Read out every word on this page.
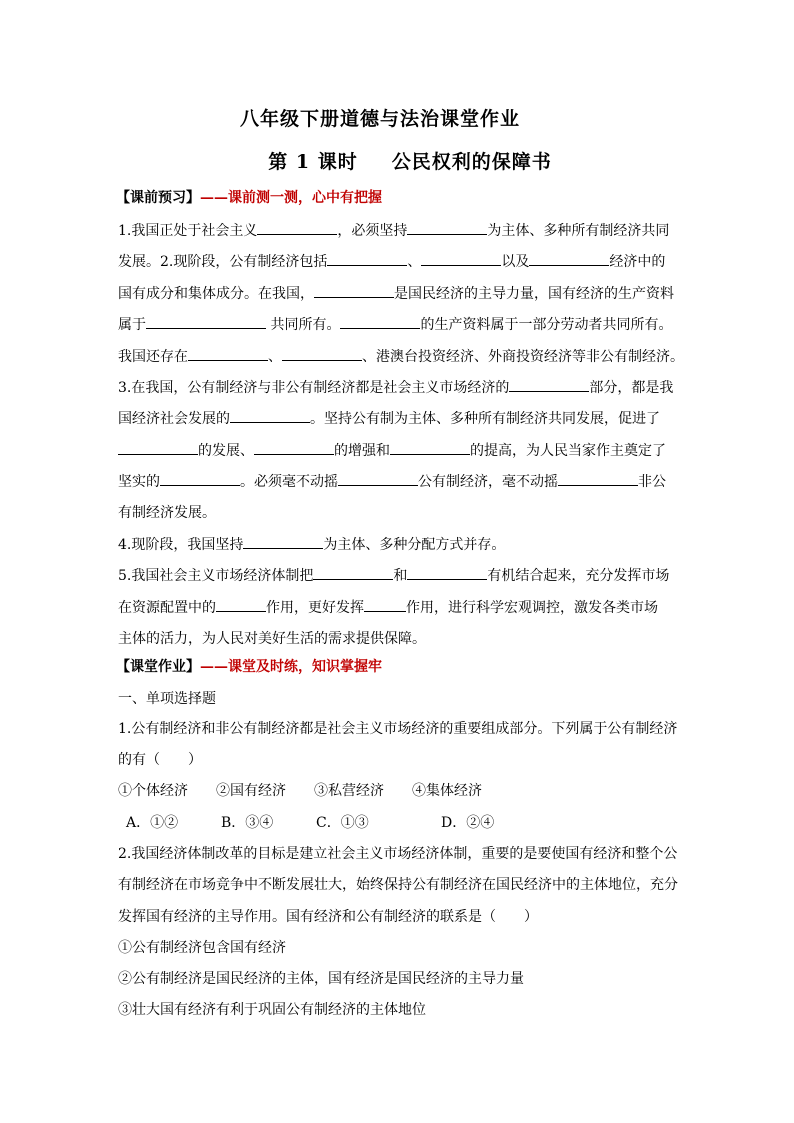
八年级下册道德与法治课堂作业
第 1 课时 公民权利的保障书
【课前预习】——课前测一测，心中有把握
1.我国正处于社会主义	，必须坚持	为主体、多种所有制经济共同
发展。2.现阶段，公有制经济包括	、	以及	经济中的
国有成分和集体成分。在我国，	是国民经济的主导力量，国有经济的生产资料
属于	共同所有。	的生产资料属于一部分劳动者共同所有。
我国还存在	、	、港澳台投资经济、外商投资经济等非公有制经济。
3.在我国，公有制经济与非公有制经济都是社会主义市场经济的	部分，都是我
国经济社会发展的	。坚持公有制为主体、多种所有制经济共同发展，促进了
的发展、	的增强和	的提高，为人民当家作主奠定了
坚实的	。必须毫不动摇	公有制经济，毫不动摇	非公
有制经济发展。
4.现阶段，我国坚持	为主体、多种分配方式并存。
5.我国社会主义市场经济体制把	和	有机结合起来，充分发挥市场
在资源配置中的	作用，更好发挥	作用，进行科学宏观调控，激发各类市场
主体的活力，为人民对美好生活的需求提供保障。
【课堂作业】——课堂及时练，知识掌握牢
一、单项选择题
1.公有制经济和非公有制经济都是社会主义市场经济的重要组成部分。下列属于公有制经济
的有（　　）
①个体经济　　②国有经济　　③私营经济　　④集体经济
A．①②	B．③④	C．①③	D．②④
2.我国经济体制改革的目标是建立社会主义市场经济体制，重要的是要使国有经济和整个公
有制经济在市场竞争中不断发展壮大，始终保持公有制经济在国民经济中的主体地位，充分
发挥国有经济的主导作用。国有经济和公有制经济的联系是（　　）
①公有制经济包含国有经济
②公有制经济是国民经济的主体，国有经济是国民经济的主导力量
③壮大国有经济有利于巩固公有制经济的主体地位
